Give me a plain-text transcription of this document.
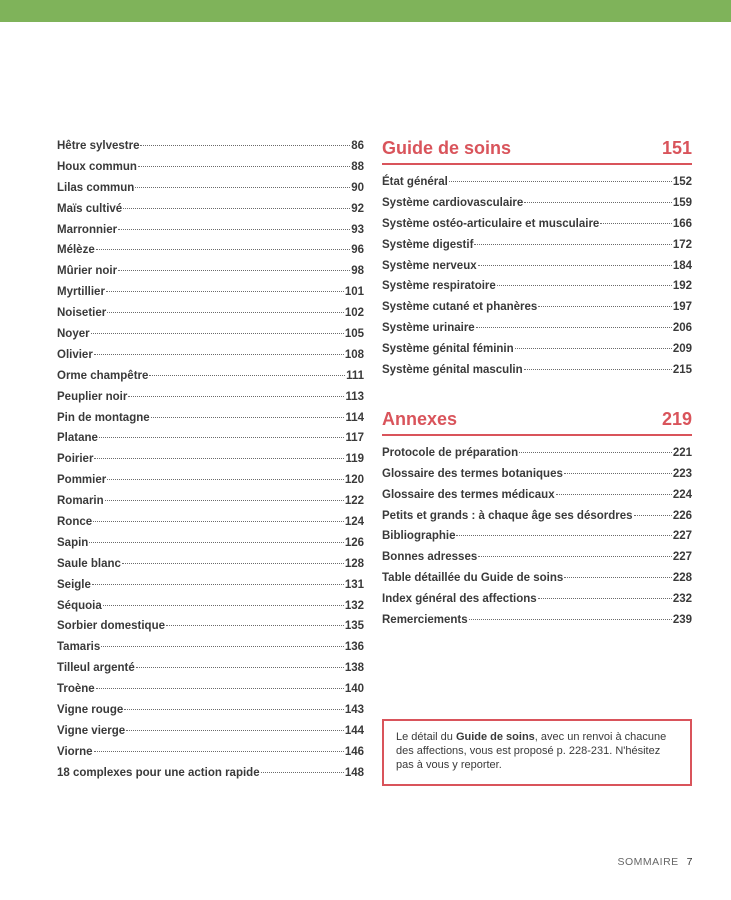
Hêtre sylvestre	86
Houx commun	88
Lilas commun	90
Maïs cultivé	92
Marronnier	93
Mélèze	96
Mûrier noir	98
Myrtillier	101
Noisetier	102
Noyer	105
Olivier	108
Orme champêtre	111
Peuplier noir	113
Pin de montagne	114
Platane	117
Poirier	119
Pommier	120
Romarin	122
Ronce	124
Sapin	126
Saule blanc	128
Seigle	131
Séquoia	132
Sorbier domestique	135
Tamaris	136
Tilleul argenté	138
Troène	140
Vigne rouge	143
Vigne vierge	144
Viorne	146
18 complexes pour une action rapide	148
Guide de soins	151
État général	152
Système cardiovasculaire	159
Système ostéo-articulaire et musculaire	166
Système digestif	172
Système nerveux	184
Système respiratoire	192
Système cutané et phanères	197
Système urinaire	206
Système génital féminin	209
Système génital masculin	215
Annexes	219
Protocole de préparation	221
Glossaire des termes botaniques	223
Glossaire des termes médicaux	224
Petits et grands : à chaque âge ses désordres	226
Bibliographie	227
Bonnes adresses	227
Table détaillée du Guide de soins	228
Index général des affections	232
Remerciements	239
Le détail du Guide de soins, avec un renvoi à chacune des affections, vous est proposé p. 228-231. N'hésitez pas à vous y reporter.
SOMMAIRE 7
